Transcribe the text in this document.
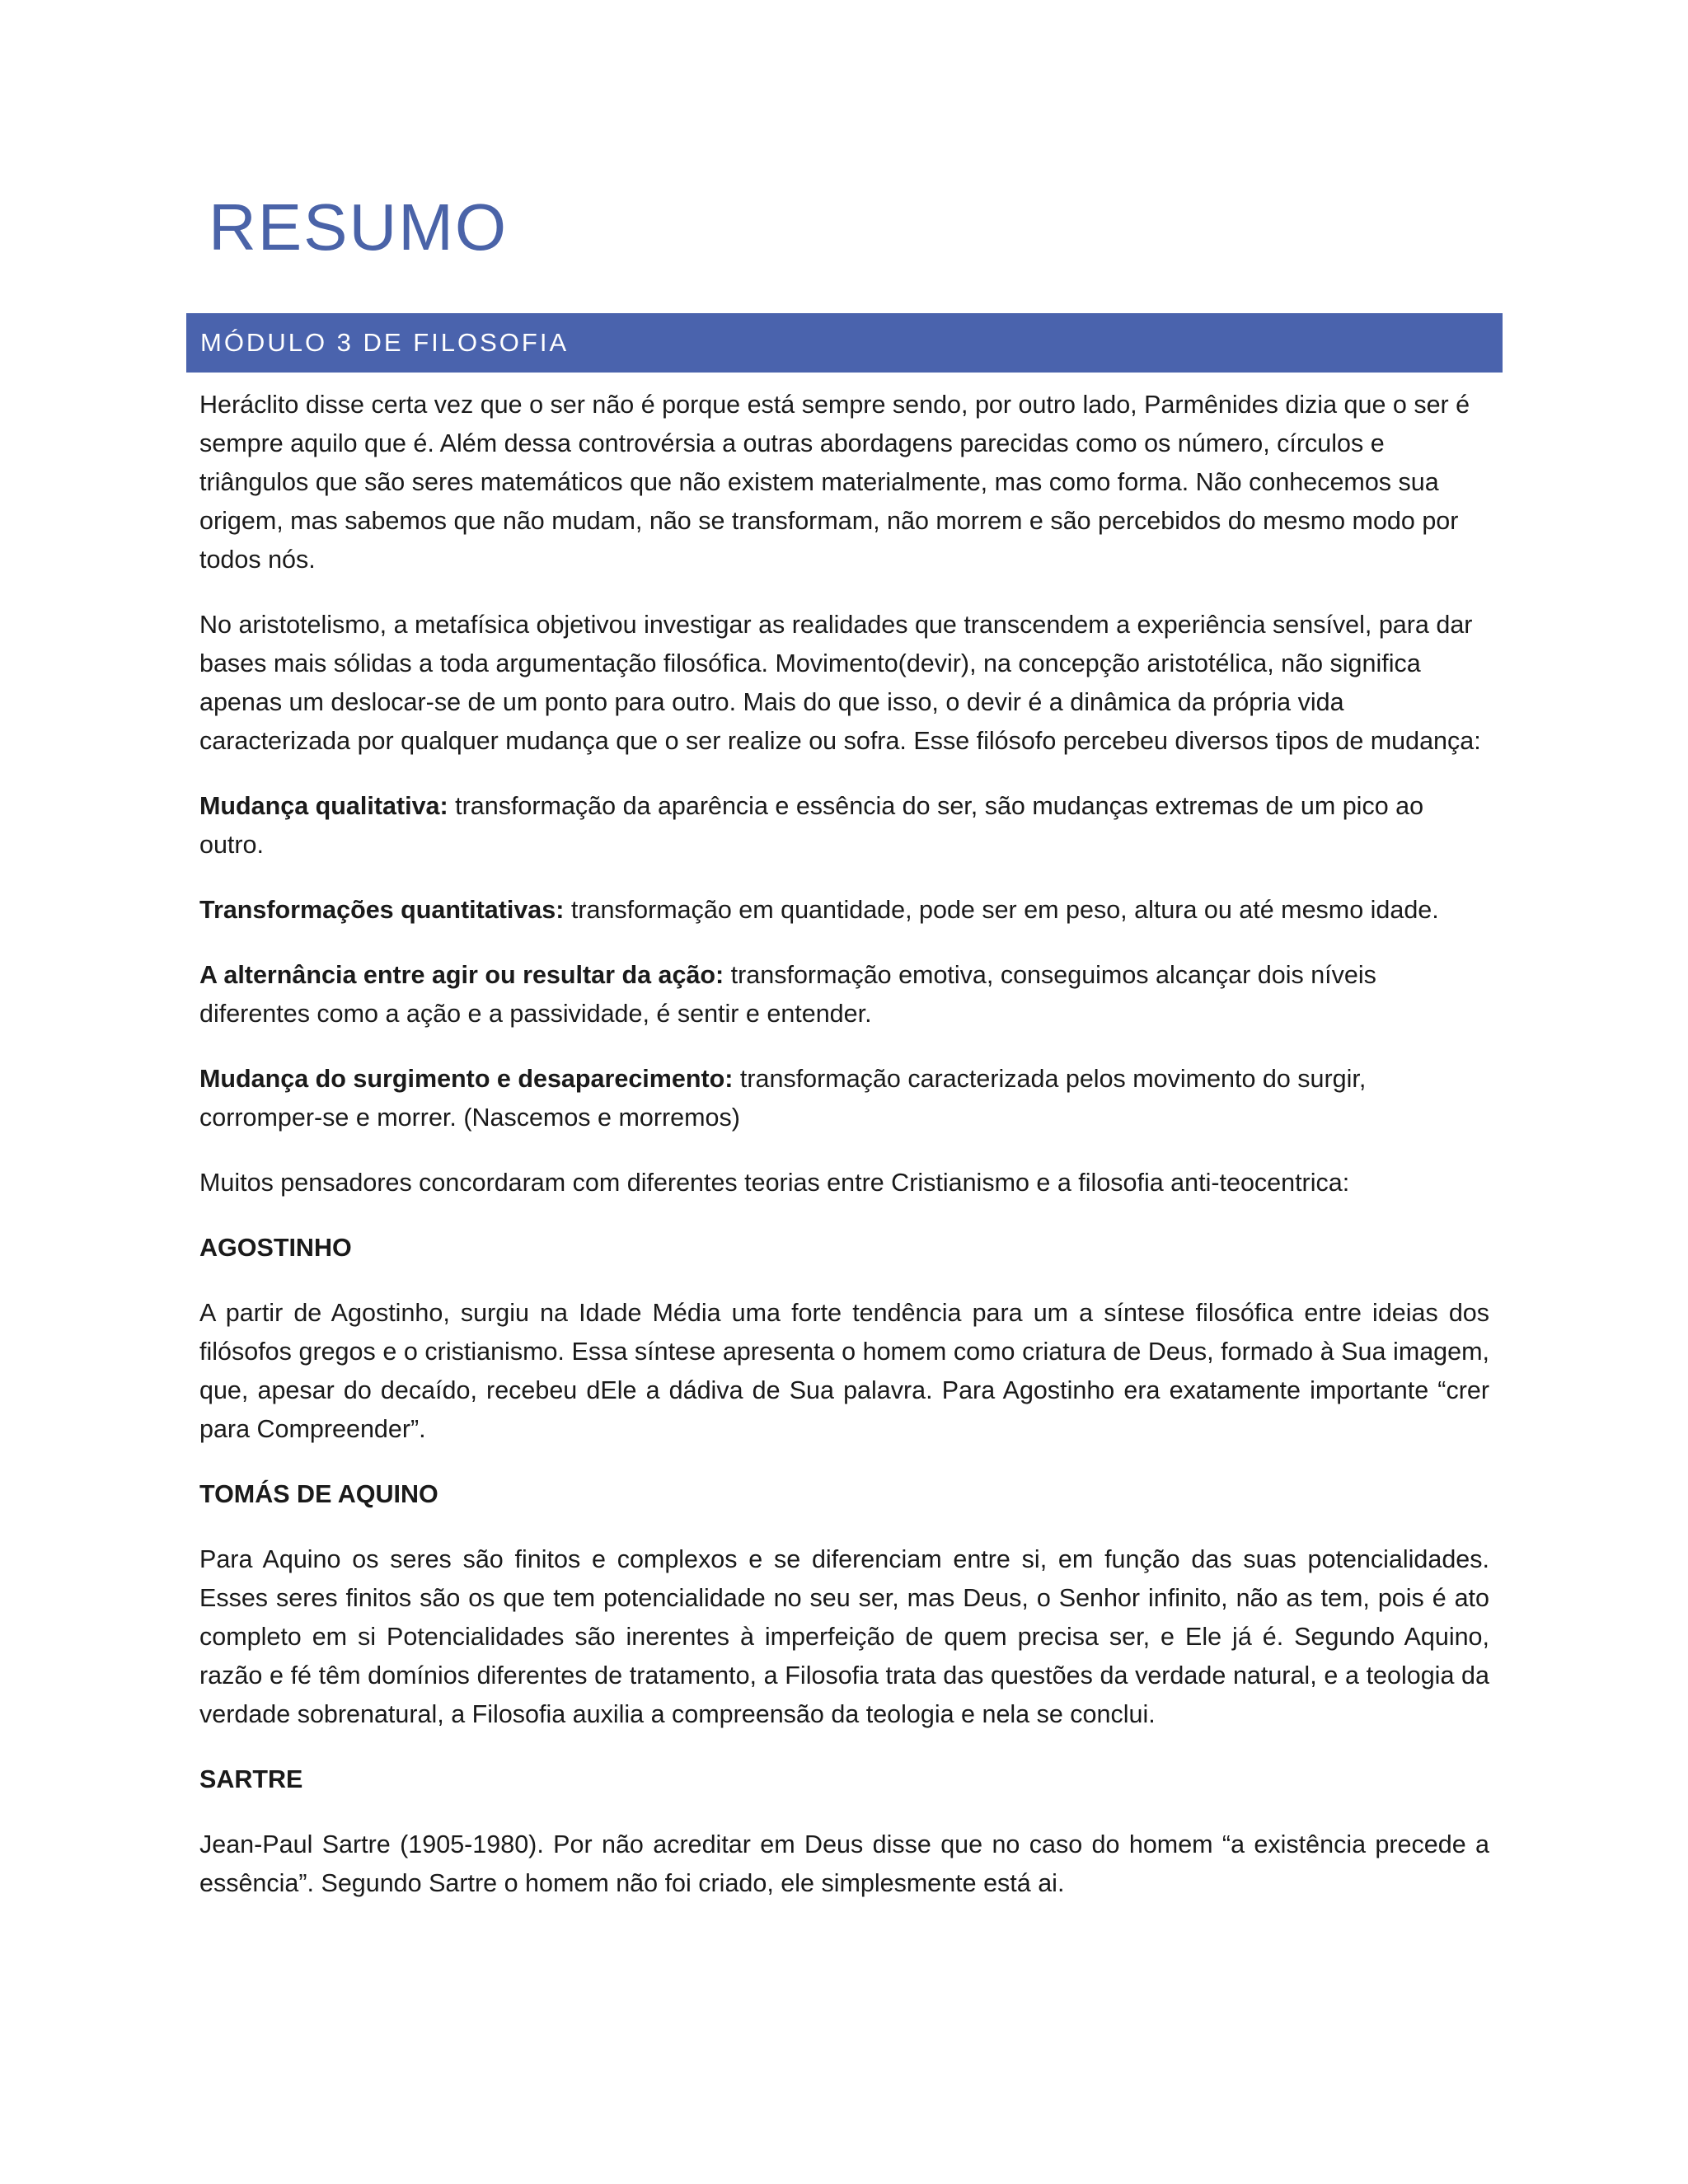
RESUMO
MÓDULO 3 DE FILOSOFIA

Heráclito disse certa vez que o ser não é porque está sempre sendo, por outro lado, Parmênides dizia que o ser é sempre aquilo que é. Além dessa controvérsia a outras abordagens parecidas como os número, círculos e triângulos que são seres matemáticos que não existem materialmente, mas como forma. Não conhecemos sua origem, mas sabemos que não mudam, não se transformam, não morrem e são percebidos do mesmo modo por todos nós.

No aristotelismo, a metafísica objetivou investigar as realidades que transcendem a experiência sensível, para dar bases mais sólidas a toda argumentação filosófica. Movimento(devir), na concepção aristotélica, não significa apenas um deslocar-se de um ponto para outro. Mais do que isso, o devir é a dinâmica da própria vida caracterizada por qualquer mudança que o ser realize ou sofra. Esse filósofo percebeu diversos tipos de mudança:

Mudança qualitativa: transformação da aparência e essência do ser, são mudanças extremas de um pico ao outro.

Transformações quantitativas: transformação em quantidade, pode ser em peso, altura ou até mesmo idade.

A alternância entre agir ou resultar da ação: transformação emotiva, conseguimos alcançar dois níveis diferentes como a ação e a passividade, é sentir e entender.

Mudança do surgimento e desaparecimento: transformação caracterizada pelos movimento do surgir, corromper-se e morrer. (Nascemos e morremos)

Muitos pensadores concordaram com diferentes teorias entre Cristianismo e a filosofia anti-teocentrica:

AGOSTINHO

A partir de Agostinho, surgiu na Idade Média uma forte tendência para um a síntese filosófica entre ideias dos filósofos gregos e o cristianismo. Essa síntese apresenta o homem como criatura de Deus, formado à Sua imagem, que, apesar do decaído, recebeu dEle a dádiva de Sua palavra. Para Agostinho era exatamente importante “crer para Compreender”.

TOMÁS DE AQUINO

Para Aquino os seres são finitos e complexos e se diferenciam entre si, em função das suas potencialidades. Esses seres finitos são os que tem potencialidade no seu ser, mas Deus, o Senhor infinito, não as tem, pois é ato completo em si Potencialidades são inerentes à imperfeição de quem precisa ser, e Ele já é. Segundo Aquino, razão e fé têm domínios diferentes de tratamento, a Filosofia trata das questões da verdade natural, e a teologia da verdade sobrenatural, a Filosofia auxilia a compreensão da teologia e nela se conclui.

SARTRE

Jean-Paul Sartre (1905-1980). Por não acreditar em Deus disse que no caso do homem “a existência precede a essência”. Segundo Sartre o homem não foi criado, ele simplesmente está ai.
